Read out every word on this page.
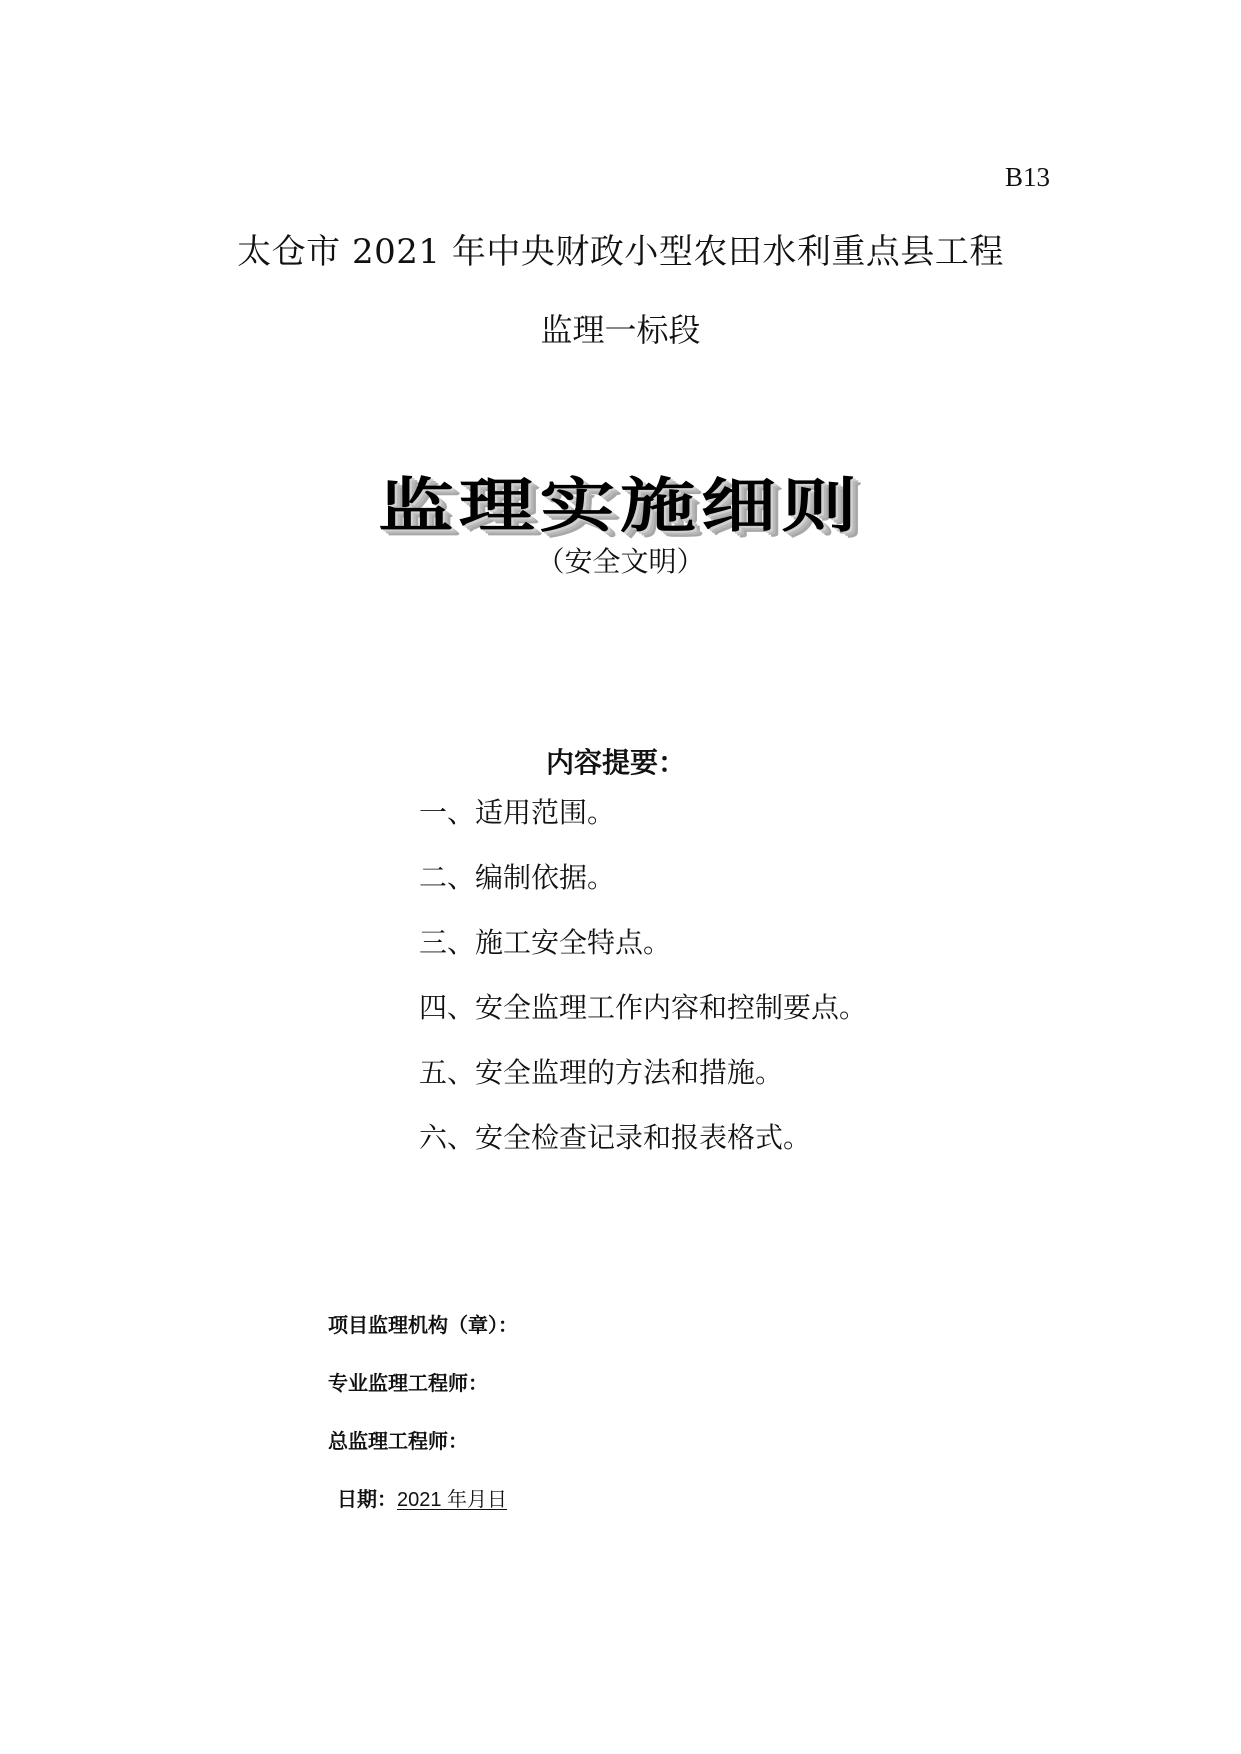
B13
太仓市 2021 年中央财政小型农田水利重点县工程
监理一标段
监理实施细则
（安全文明）
内容提要：
一、适用范围。
二、编制依据。
三、施工安全特点。
四、安全监理工作内容和控制要点。
五、安全监理的方法和措施。
六、安全检查记录和报表格式。
项目监理机构（章）：
专业监理工程师：
总监理工程师：
日期：2021 年月日
